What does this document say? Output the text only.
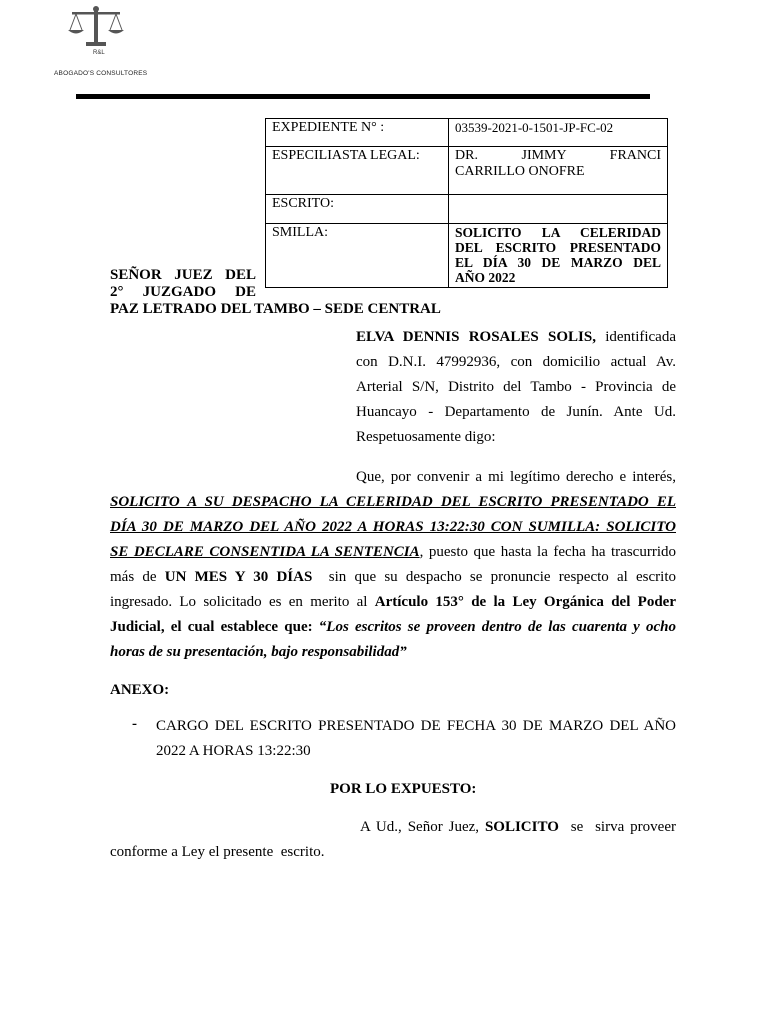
R&L
ABOGADO'S CONSULTORES
EXPEDIENTE N° :	03539-2021-0-1501-JP-FC-02
ESPECILIASTA LEGAL:	DR. JIMMY FRANCI
CARRILLO ONOFRE

ESCRITO:	
SMILLA:	SOLICITO LA CELERIDAD
DEL ESCRITO PRESENTADO
EL DÍA 30 DE MARZO DEL
AÑO 2022
SEÑOR JUEZ DEL
2° JUZGADO DE
PAZ LETRADO DEL TAMBO – SEDE CENTRAL
ELVA DENNIS ROSALES SOLIS, identificada
con D.N.I. 47992936, con domicilio actual Av.
Arterial S/N, Distrito del Tambo - Provincia de
Huancayo - Departamento de Junín. Ante Ud.
Respetuosamente digo:
Que, por convenir a mi legítimo derecho e interés,
SOLICITO A SU DESPACHO LA CELERIDAD DEL ESCRITO PRESENTADO EL
DÍA 30 DE MARZO DEL AÑO 2022 A HORAS 13:22:30 CON SUMILLA: SOLICITO
SE DECLARE CONSENTIDA LA SENTENCIA, puesto que hasta la fecha ha trascurrido
más de UN MES Y 30 DÍAS  sin que su despacho se pronuncie respecto al escrito
ingresado. Lo solicitado es en merito al Artículo 153° de la Ley Orgánica del Poder
Judicial, el cual establece que: “Los escritos se proveen dentro de las cuarenta y ocho
horas de su presentación, bajo responsabilidad”
ANEXO:
- CARGO DEL ESCRITO PRESENTADO DE FECHA 30 DE MARZO DEL AÑO
2022 A HORAS 13:22:30
POR LO EXPUESTO:
A Ud., Señor Juez, SOLICITO  se  sirva proveer
conforme a Ley el presente  escrito.
